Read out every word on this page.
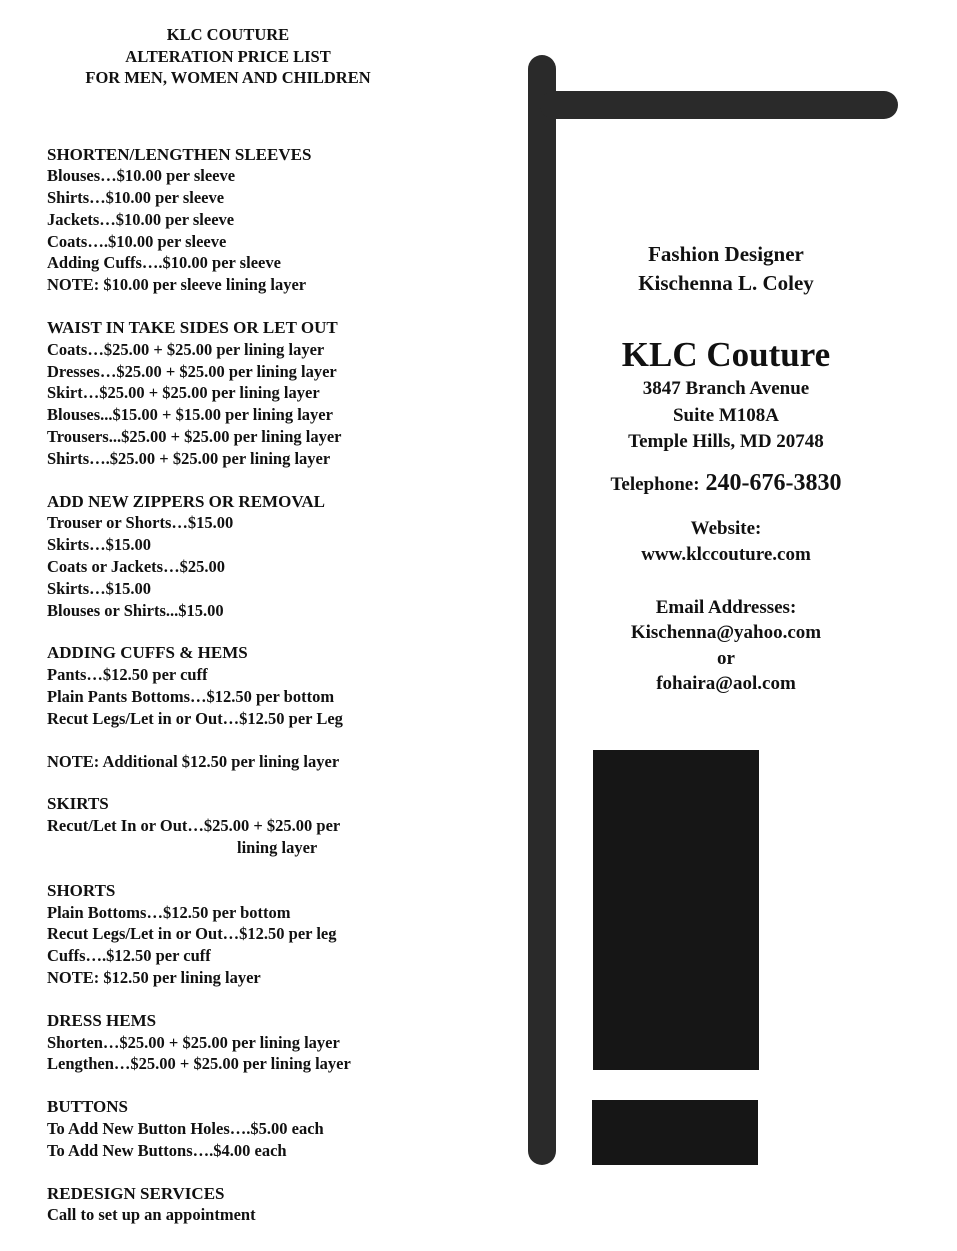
KLC COUTURE
ALTERATION PRICE LIST
FOR MEN, WOMEN AND CHILDREN
SHORTEN/LENGTHEN SLEEVES
Blouses…$10.00 per sleeve
Shirts…$10.00 per sleeve
Jackets…$10.00 per sleeve
Coats….$10.00 per sleeve
Adding Cuffs….$10.00 per sleeve
NOTE: $10.00 per sleeve lining layer
WAIST IN TAKE SIDES OR LET OUT
Coats…$25.00 + $25.00 per lining layer
Dresses…$25.00 + $25.00 per lining layer
Skirt…$25.00 + $25.00 per lining layer
Blouses...$15.00 + $15.00 per lining layer
Trousers...$25.00 + $25.00 per lining layer
Shirts….$25.00 + $25.00 per lining layer
ADD NEW ZIPPERS OR REMOVAL
Trouser or Shorts…$15.00
Skirts…$15.00
Coats or Jackets…$25.00
Skirts…$15.00
Blouses or Shirts...$15.00
ADDING CUFFS & HEMS
Pants…$12.50 per cuff
Plain Pants Bottoms…$12.50 per bottom
Recut Legs/Let in or Out…$12.50 per Leg
NOTE: Additional $12.50 per lining layer
SKIRTS
Recut/Let In or Out…$25.00 + $25.00 per
lining layer
SHORTS
Plain Bottoms…$12.50 per bottom
Recut Legs/Let in or Out…$12.50 per leg
Cuffs….$12.50 per cuff
NOTE: $12.50 per lining layer
DRESS HEMS
Shorten…$25.00 + $25.00 per lining layer
Lengthen…$25.00 + $25.00 per lining layer
BUTTONS
To Add New Button Holes….$5.00 each
To Add New Buttons….$4.00 each
REDESIGN SERVICES
Call to set up an appointment
Fashion Designer
Kischenna L. Coley
KLC Couture
3847 Branch Avenue
Suite M108A
Temple Hills, MD 20748
Telephone: 240-676-3830
Website:
www.klccouture.com
Email Addresses:
Kischenna@yahoo.com
or
fohaira@aol.com
